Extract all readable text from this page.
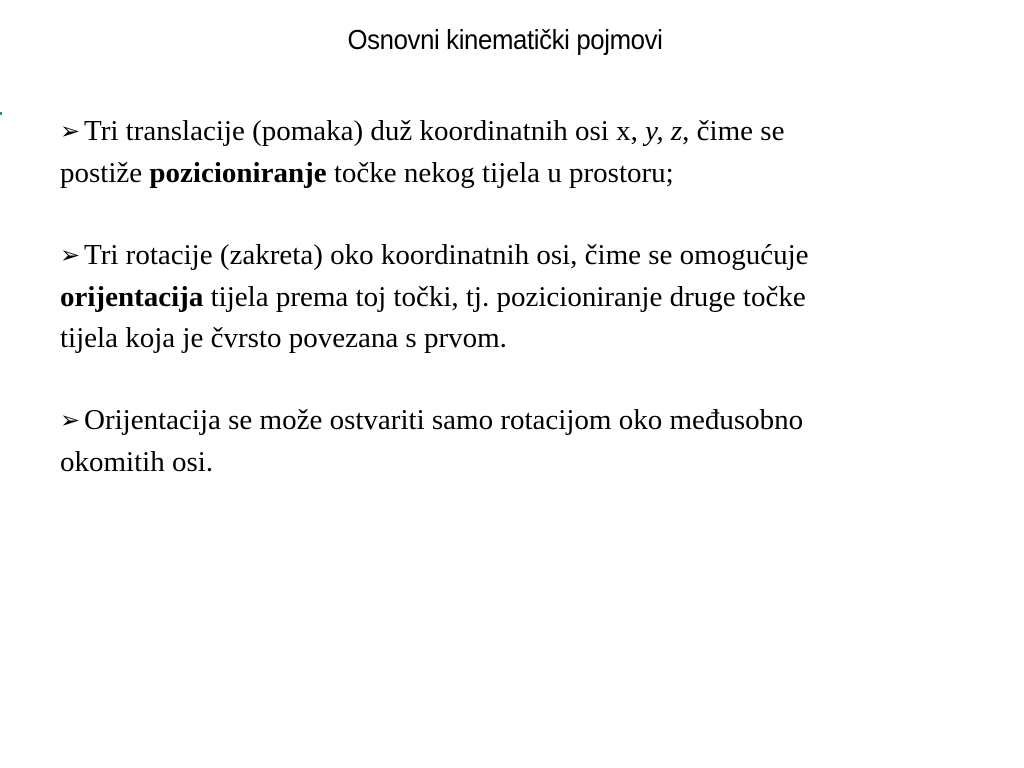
Osnovni kinematički pojmovi
➢ Tri translacije (pomaka) duž koordinatnih osi x, y, z, čime se
postiže pozicioniranje točke nekog tijela u prostoru;
➢ Tri rotacije (zakreta) oko koordinatnih osi, čime se omogućuje
orijentacija tijela prema toj točki, tj. pozicioniranje druge točke
tijela koja je čvrsto povezana s prvom.
➢ Orijentacija se može ostvariti samo rotacijom oko međusobno
okomitih osi.
